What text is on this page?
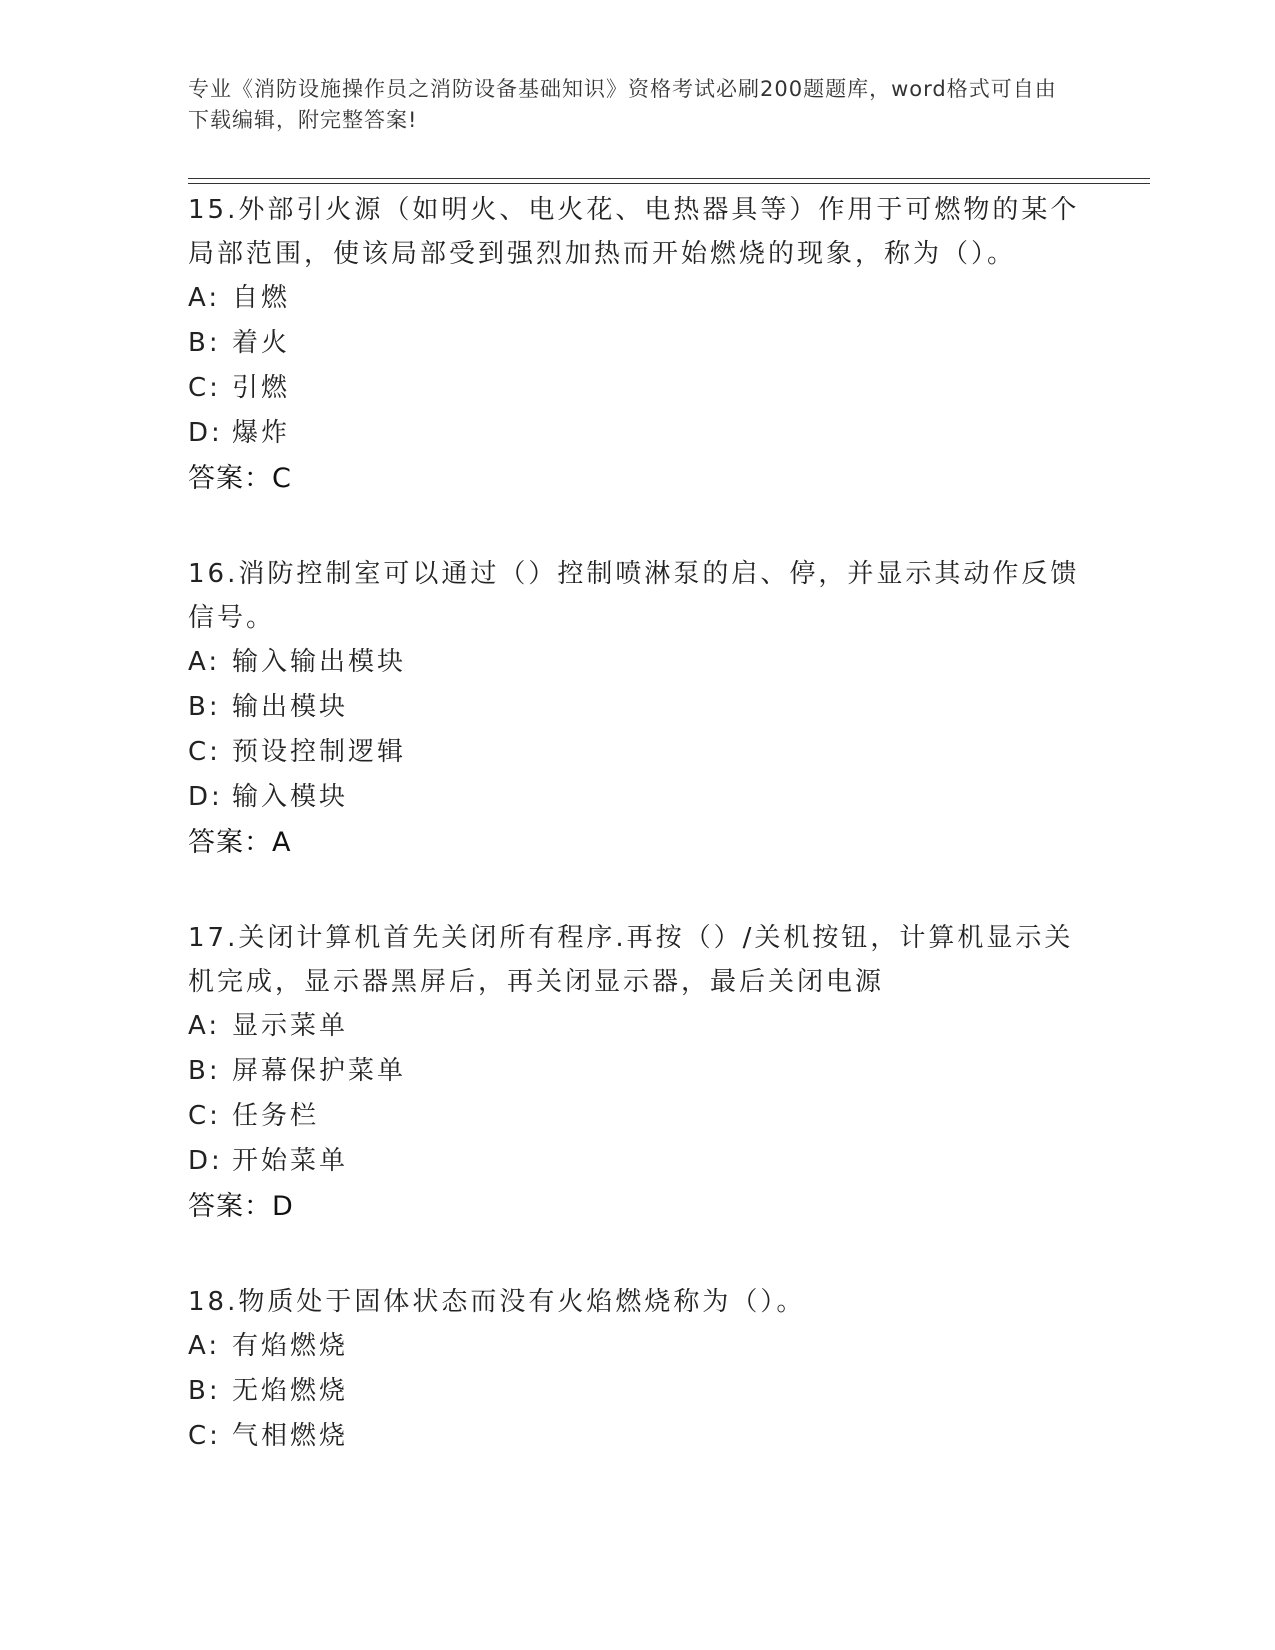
专业《消防设施操作员之消防设备基础知识》资格考试必刷200题题库，word格式可自由下载编辑，附完整答案!

15.外部引火源（如明火、电火花、电热器具等）作用于可燃物的某个局部范围，使该局部受到强烈加热而开始燃烧的现象，称为（）。

A: 自燃
B: 着火
C: 引燃
D: 爆炸
答案：C

16.消防控制室可以通过（）控制喷淋泵的启、停，并显示其动作反馈信号。

A: 输入输出模块
B: 输出模块
C: 预设控制逻辑
D: 输入模块
答案：A

17.关闭计算机首先关闭所有程序.再按（）/关机按钮，计算机显示关机完成，显示器黑屏后，再关闭显示器，最后关闭电源

A: 显示菜单
B: 屏幕保护菜单
C: 任务栏
D: 开始菜单
答案：D

18.物质处于固体状态而没有火焰燃烧称为（）。

A: 有焰燃烧
B: 无焰燃烧
C: 气相燃烧
